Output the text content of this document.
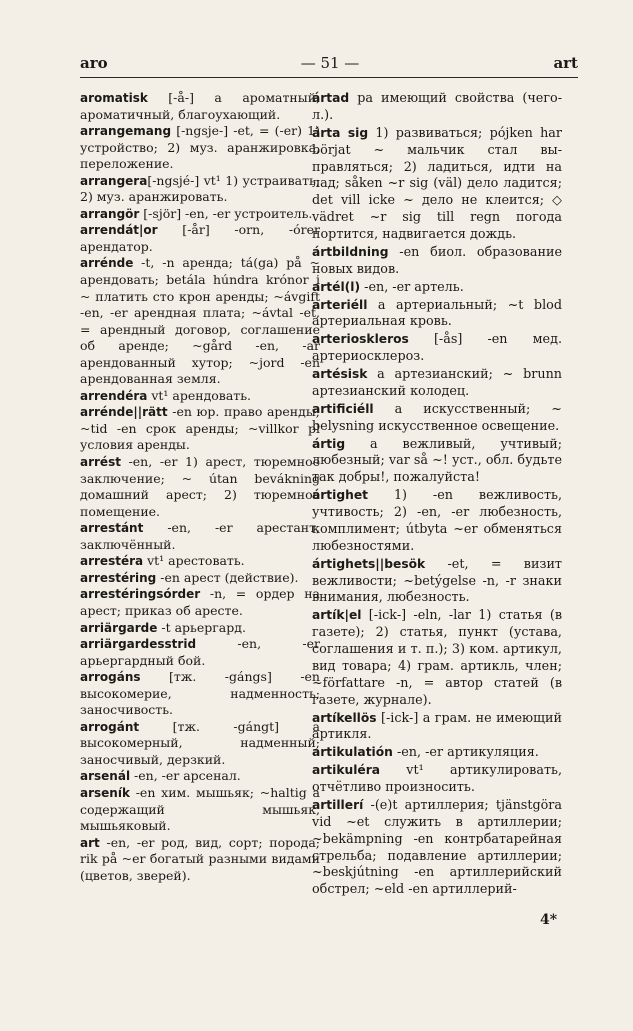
aro	— 51 —	art

aromatisk [-å-] a ароматный, ароматичный, благоухающий.

arrangemang [-ngsje-] -et, = (-er) 1) устройство; 2) муз. аранжировка, переложение.

arrangera[-ngsjé-] vt¹ 1) устраивать; 2) муз. аранжировать.

arrangör [-sjör] -en, -er устроитель.

arrendát|or [-år] -orn, -órer арендатор.

arrénde -t, -n аренда; tá(ga) på ~ арендовать; betála húndra krónor i ~ платить сто крон аренды; ~ávgift -en, -er арендная плата; ~ávtal -et, = арендный договор, соглашение об аренде; ~gård -en, -ar арендованный хутор; ~jord -en арендованная земля.

arrendéra vt¹ арендовать.

arrénde||rätt -en юр. право аренды; ~tid -en срок аренды; ~villkor pl условия аренды.

arrést -en, -er 1) арест, тюремное заключение; ~ útan bevákning домашний арест; 2) тюремное помещение.

arrestánt -en, -er арестант, заключённый.

arrestéra vt¹ арестовать.

arrestéring -en арест (действие).

arrestéringsórder -n, = ордер на арест; приказ об аресте.

arriärgarde -t арьергард.

arriärgardesstrid -en, -er арьергардный бой.

arrogáns [тж. -gángs] -en высокомерие, надменность; заносчивость.

arrogánt [тж. -gángt] a высокомерный, надменный; заносчивый, дерзкий.

arsenál -en, -er арсенал.

arseník -en хим. мышьяк; ~haltig a содержащий мышьяк, мышьяковый.

art -en, -er род, вид, сорт; порода; rik på ~er богатый разными видами (цветов, зверей).

ártad pa имеющий свойства (чего-л.).

árta sig 1) развиваться; pójken har börjat ~ мальчик стал выправляться; 2) ладиться, идти на лад; såken ~r sig (väl) дело ладится; det vill icke ~ дело не клеится; ◇ vädret ~r sig till regn погода портится, надвигается дождь.

ártbildning -en биол. образование новых видов.

artél(l) -en, -er артель.

arteriéll a артериальный; ~t blod артериальная кровь.

arterioskleros [-ås] -en мед. артериосклероз.

artésisk a артезианский; ~ brunn артезианский колодец.

artificiéll a искусственный; ~ belysning искусственное освещение.

ártig a вежливый, учтивый; любезный; var så ~! уст., обл. будьте так добры!, пожалуйста!

ártighet 1) -en вежливость, учтивость; 2) -en, -er любезность, комплимент; útbyta ~er обменяться любезностями.

ártighets||besök -et, = визит вежливости; ~betýgelse -n, -r знаки внимания, любезность.

artík|el [-ick-] -eln, -lar 1) статья (в газете); 2) статья, пункт (устава, соглашения и т. п.); 3) ком. артикул, вид товара; 4) грам. артикль, член; ~författare -n, = автор статей (в газете, журнале).

artíkellös [-ick-] a грам. не имеющий артикля.

artikulatión -en, -er артикуляция.

artikuléra vt¹ артикулировать, отчётливо произносить.

artillerí -(e)t артиллерия; tjänstgöra vid ~et служить в артиллерии; ~bekämpning -en контрбатарейная стрельба; подавление артиллерии; ~beskjútning -en артиллерийский обстрел; ~eld -en артиллерий-

4*
